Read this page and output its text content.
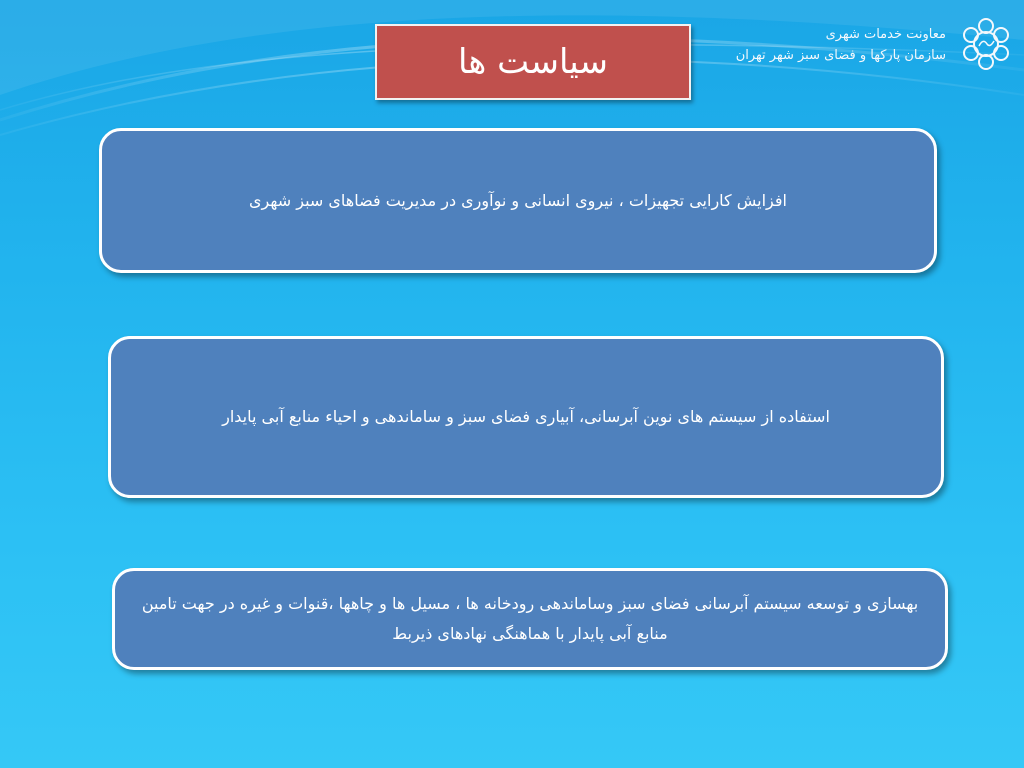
سیاست ها
معاونت خدمات شهری
سازمان پارکها و فضای سبز شهر تهران
افزایش کارایی تجهیزات ، نیروی انسانی و نوآوری در مدیریت فضاهای سبز شهری
استفاده از سیستم های نوین آبرسانی، آبیاری فضای سبز و ساماندهی و احیاء منابع آبی پایدار
بهسازی و توسعه سیستم آبرسانی فضای سبز وساماندهی رودخانه ها ، مسیل ها و چاهها ،قنوات و غیره در جهت تامین منابع آبی پایدار با هماهنگی نهادهای ذیربط
